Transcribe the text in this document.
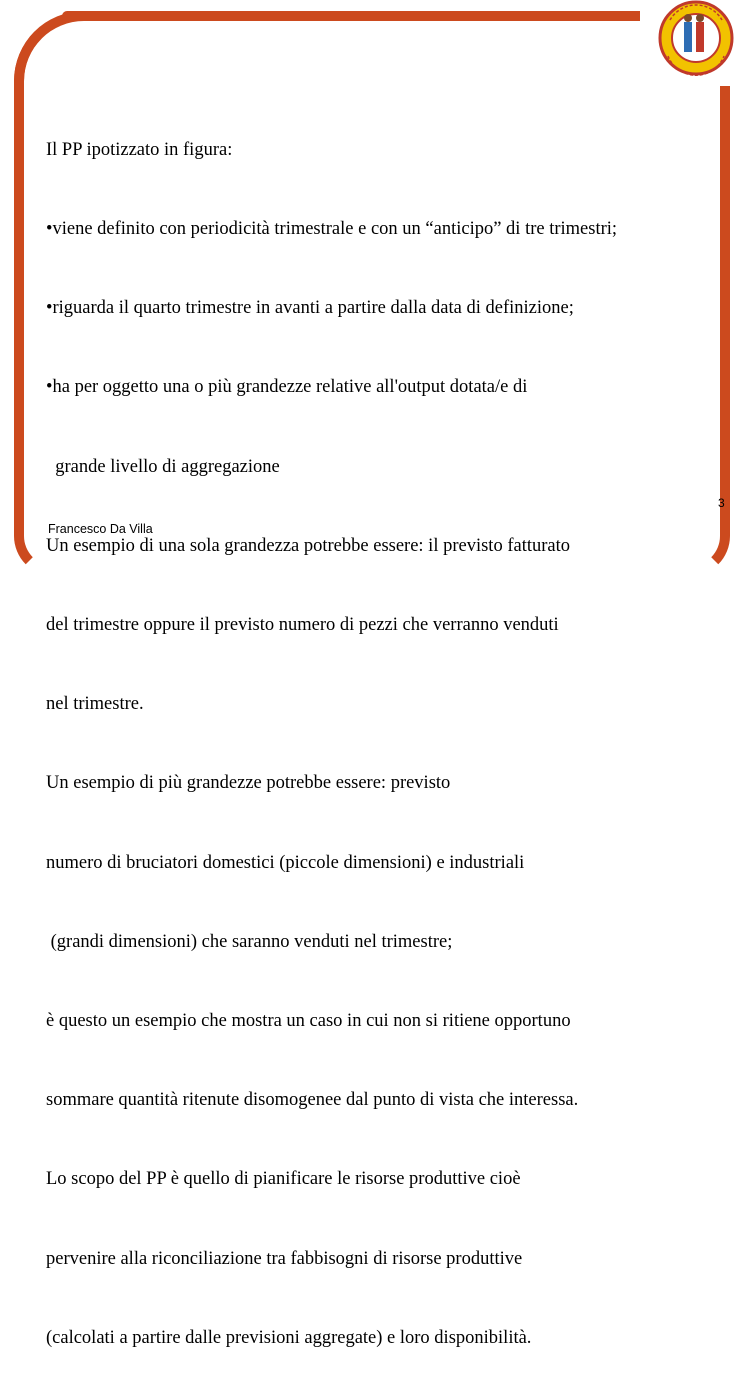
Il PP ipotizzato in figura:

•viene definito con periodicità trimestrale e con un “anticipo” di tre trimestri;

•riguarda il quarto trimestre in avanti a partire dalla data di definizione;

•ha per oggetto una o più grandezze relative all'output dotata/e di

grande livello di aggregazione

Un esempio di una sola grandezza potrebbe essere: il previsto fatturato

del trimestre oppure il previsto numero di pezzi che verranno venduti

nel trimestre.

Un esempio di più grandezze potrebbe essere: previsto

numero di bruciatori domestici (piccole dimensioni) e industriali

(grandi dimensioni) che saranno venduti nel trimestre;

è questo un esempio che mostra un caso in cui non si ritiene opportuno

sommare quantità ritenute disomogenee dal punto di vista che interessa.

Lo scopo del PP è quello di pianificare le risorse produttive cioè

pervenire alla riconciliazione tra fabbisogni di risorse produttive

(calcolati a partire dalle previsioni aggregate) e loro disponibilità.

3
Francesco Da Villa
